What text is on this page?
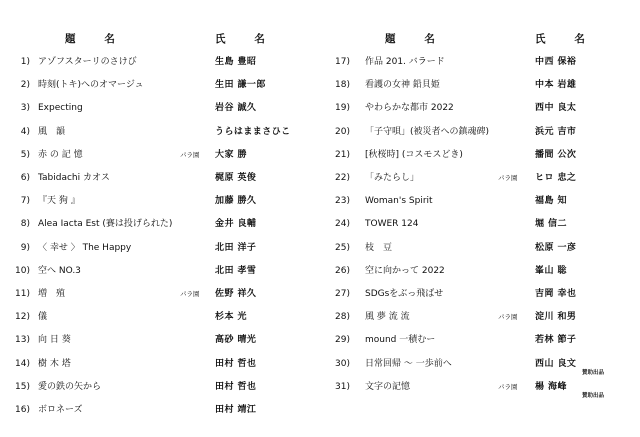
題　　名	氏　　名
1) アゾフスターリのさけび	生島 豊昭
2) 時刻(トキ)へのオマージュ	生田 謙一郎
3) Expecting	岩谷 誠久
4) 風　韻	うらはままさひこ
5) 赤 の 記 憶	パラ園 大家 勝
6) Tabidachi カオス	梶原 英俊
7) 『天 狗 』	加藤 勝久
8) Alea Iacta Est (賽は投げられた)	金井 良輔
9) 〈 幸せ 〉 The Happy	北田 洋子
10) 空へ NO.3	北田 孝雪
11) 増　殖	パラ園 佐野 祥久
12) 儀	杉本 光
13) 向 日 葵	高砂 晴光
14) 樹 木 塔	田村 哲也
15) 愛の鉄の矢から	田村 哲也
16) ボロネーズ	田村 靖江
題　　名	氏　　名
17) 作品 201. バラード	中西 保裕
18) 看護の女神 鉛貝姫	中本 岩雄
19) やわらかな都市 2022	西中 良太
20) 「子守唄」(被災者への鎮魂碑)	浜元 吉市
21) [秋桜時] (コスモスどき)	播間 公次
22) 「みたらし」	パラ園 ヒロ 忠之
23) Woman's Spirit	福島 知
24) TOWER 124	堀 信二
25) 枝　豆	松原 一彦
26) 空に向かって 2022	峯山 聡
27) SDGsをぶっ飛ばせ	吉岡 幸也
28) 風 夢 流 流	パラ園 淀川 和男
29) mound 一積むー	若林 節子
30) 日常回帰 ～ 一歩前へ	西山 良文
賛助出品
31) 文字の記憶	パラ園 楊 海峰
賛助出品
